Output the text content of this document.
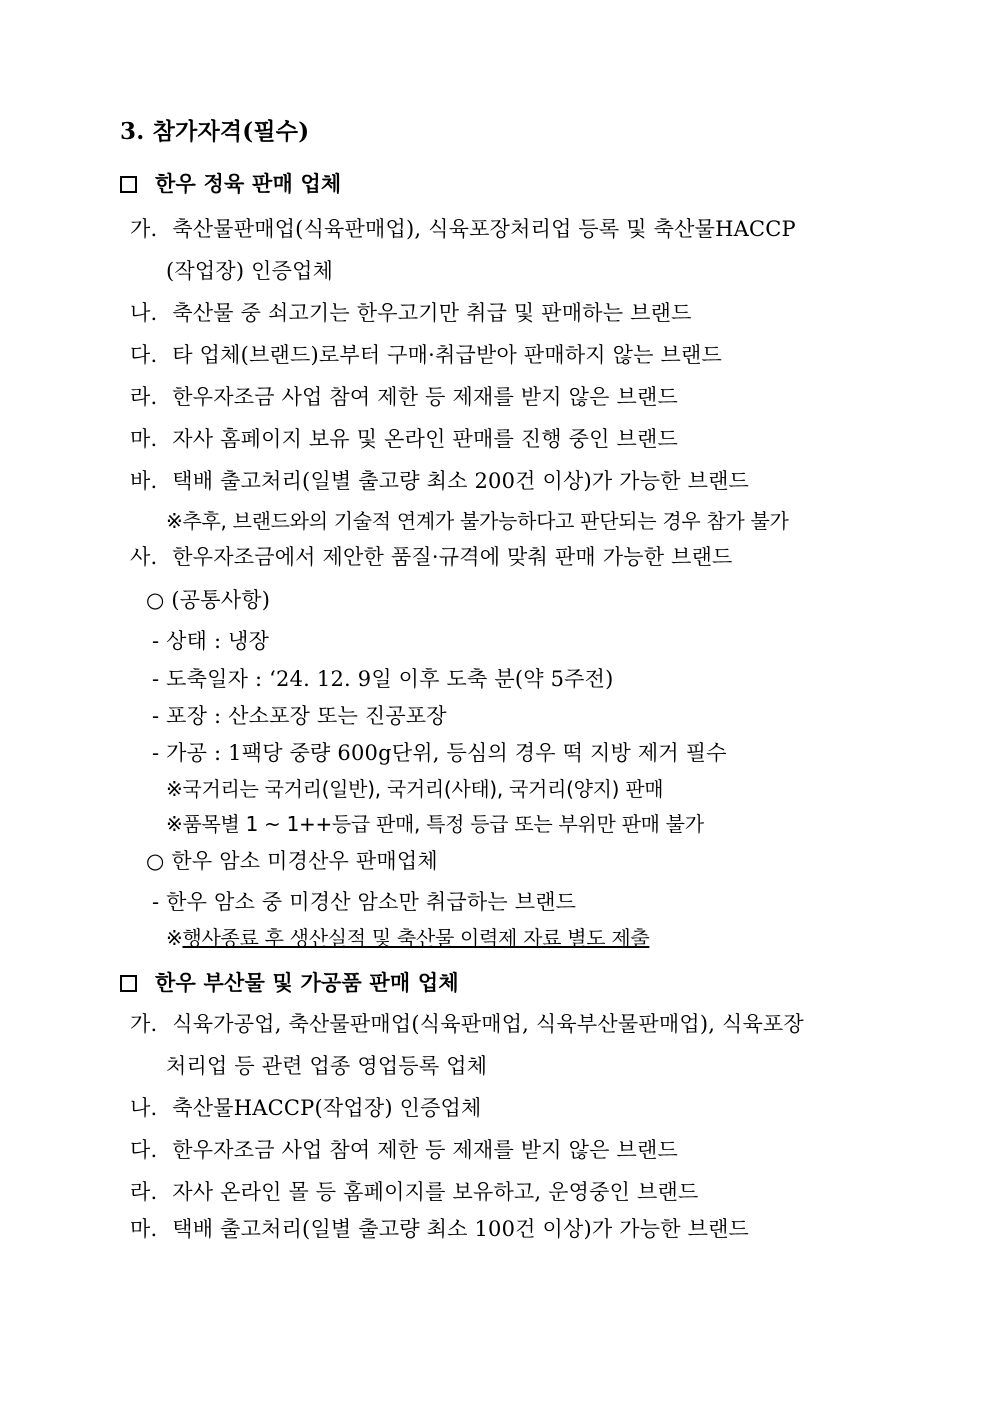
3. 참가자격(필수)
한우 정육 판매 업체
가. 축산물판매업(식육판매업), 식육포장처리업 등록 및 축산물HACCP
(작업장) 인증업체
나. 축산물 중 쇠고기는 한우고기만 취급 및 판매하는 브랜드
다. 타 업체(브랜드)로부터 구매·취급받아 판매하지 않는 브랜드
라. 한우자조금 사업 참여 제한 등 제재를 받지 않은 브랜드
마. 자사 홈페이지 보유 및 온라인 판매를 진행 중인 브랜드
바. 택배 출고처리(일별 출고량 최소 200건 이상)가 가능한 브랜드
※추후, 브랜드와의 기술적 연계가 불가능하다고 판단되는 경우 참가 불가
사. 한우자조금에서 제안한 품질·규격에 맞춰 판매 가능한 브랜드
○ (공통사항)
- 상태 : 냉장
- 도축일자 : ‘24. 12. 9일 이후 도축 분(약 5주전)
- 포장 : 산소포장 또는 진공포장
- 가공 : 1팩당 중량 600g단위, 등심의 경우 떡 지방 제거 필수
※국거리는 국거리(일반), 국거리(사태), 국거리(양지) 판매
※품목별 1 ~ 1++등급 판매, 특정 등급 또는 부위만 판매 불가
○ 한우 암소 미경산우 판매업체
- 한우 암소 중 미경산 암소만 취급하는 브랜드
※행사종료 후 생산실적 및 축산물 이력제 자료 별도 제출
한우 부산물 및 가공품 판매 업체
가. 식육가공업, 축산물판매업(식육판매업, 식육부산물판매업), 식육포장
처리업 등 관련 업종 영업등록 업체
나. 축산물HACCP(작업장) 인증업체
다. 한우자조금 사업 참여 제한 등 제재를 받지 않은 브랜드
라. 자사 온라인 몰 등 홈페이지를 보유하고, 운영중인 브랜드
마. 택배 출고처리(일별 출고량 최소 100건 이상)가 가능한 브랜드
